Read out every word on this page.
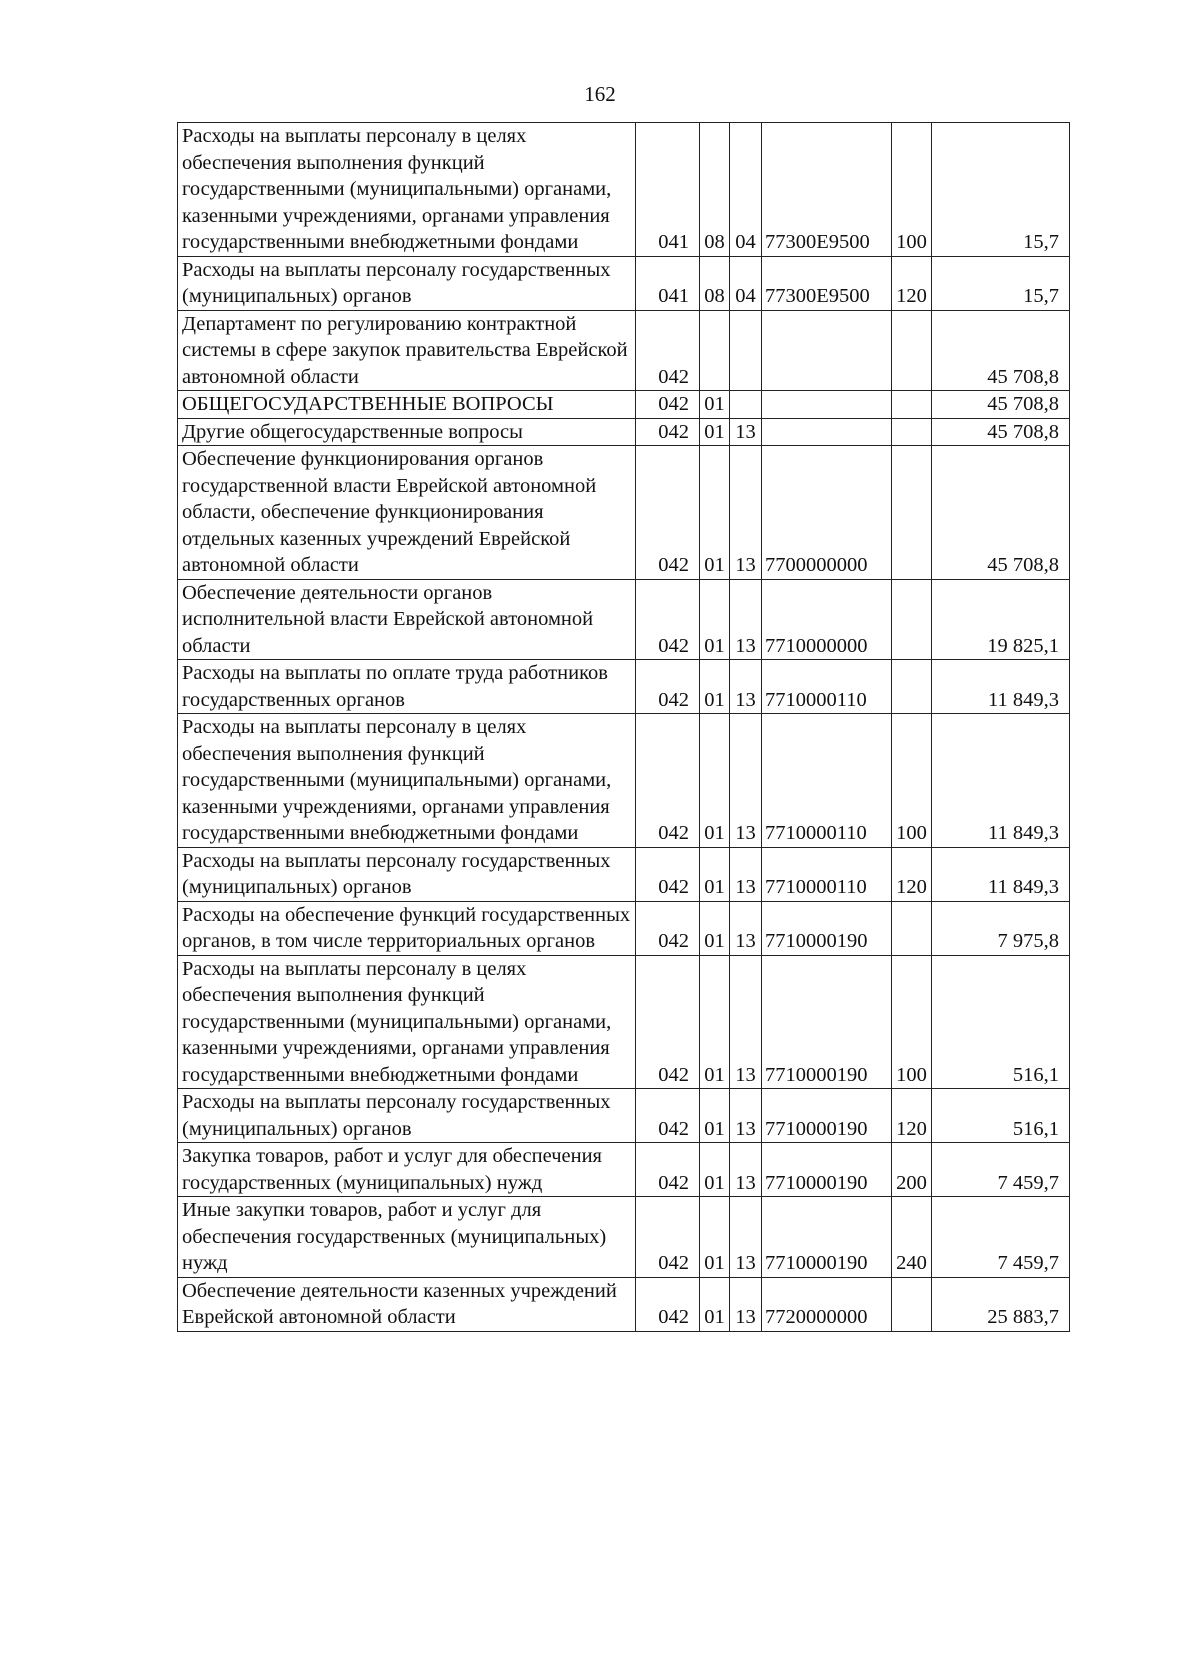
162
Расходы на выплаты персоналу в целях обеспечения выполнения функций государственными (муниципальными) органами, казенными учреждениями, органами управления государственными внебюджетными фондами	041	08	04	77300Е9500	100	15,7
Расходы на выплаты персоналу государственных (муниципальных) органов	041	08	04	77300Е9500	120	15,7
Департамент по регулированию контрактной системы в сфере закупок правительства Еврейской автономной области	042					45 708,8
ОБЩЕГОСУДАРСТВЕННЫЕ ВОПРОСЫ	042	01				45 708,8
Другие общегосударственные вопросы	042	01	13			45 708,8
Обеспечение функционирования органов государственной власти Еврейской автономной области, обеспечение функционирования отдельных казенных учреждений Еврейской автономной области	042	01	13	7700000000		45 708,8
Обеспечение деятельности органов исполнительной власти Еврейской автономной области	042	01	13	7710000000		19 825,1
Расходы на выплаты по оплате труда работников государственных органов	042	01	13	7710000110		11 849,3
Расходы на выплаты персоналу в целях обеспечения выполнения функций государственными (муниципальными) органами, казенными учреждениями, органами управления государственными внебюджетными фондами	042	01	13	7710000110	100	11 849,3
Расходы на выплаты персоналу государственных (муниципальных) органов	042	01	13	7710000110	120	11 849,3
Расходы на обеспечение функций государственных органов, в том числе территориальных органов	042	01	13	7710000190		7 975,8
Расходы на выплаты персоналу в целях обеспечения выполнения функций государственными (муниципальными) органами, казенными учреждениями, органами управления государственными внебюджетными фондами	042	01	13	7710000190	100	516,1
Расходы на выплаты персоналу государственных (муниципальных) органов	042	01	13	7710000190	120	516,1
Закупка товаров, работ и услуг для обеспечения государственных (муниципальных) нужд	042	01	13	7710000190	200	7 459,7
Иные закупки товаров, работ и услуг для обеспечения государственных (муниципальных) нужд	042	01	13	7710000190	240	7 459,7
Обеспечение деятельности казенных учреждений Еврейской автономной области	042	01	13	7720000000		25 883,7
